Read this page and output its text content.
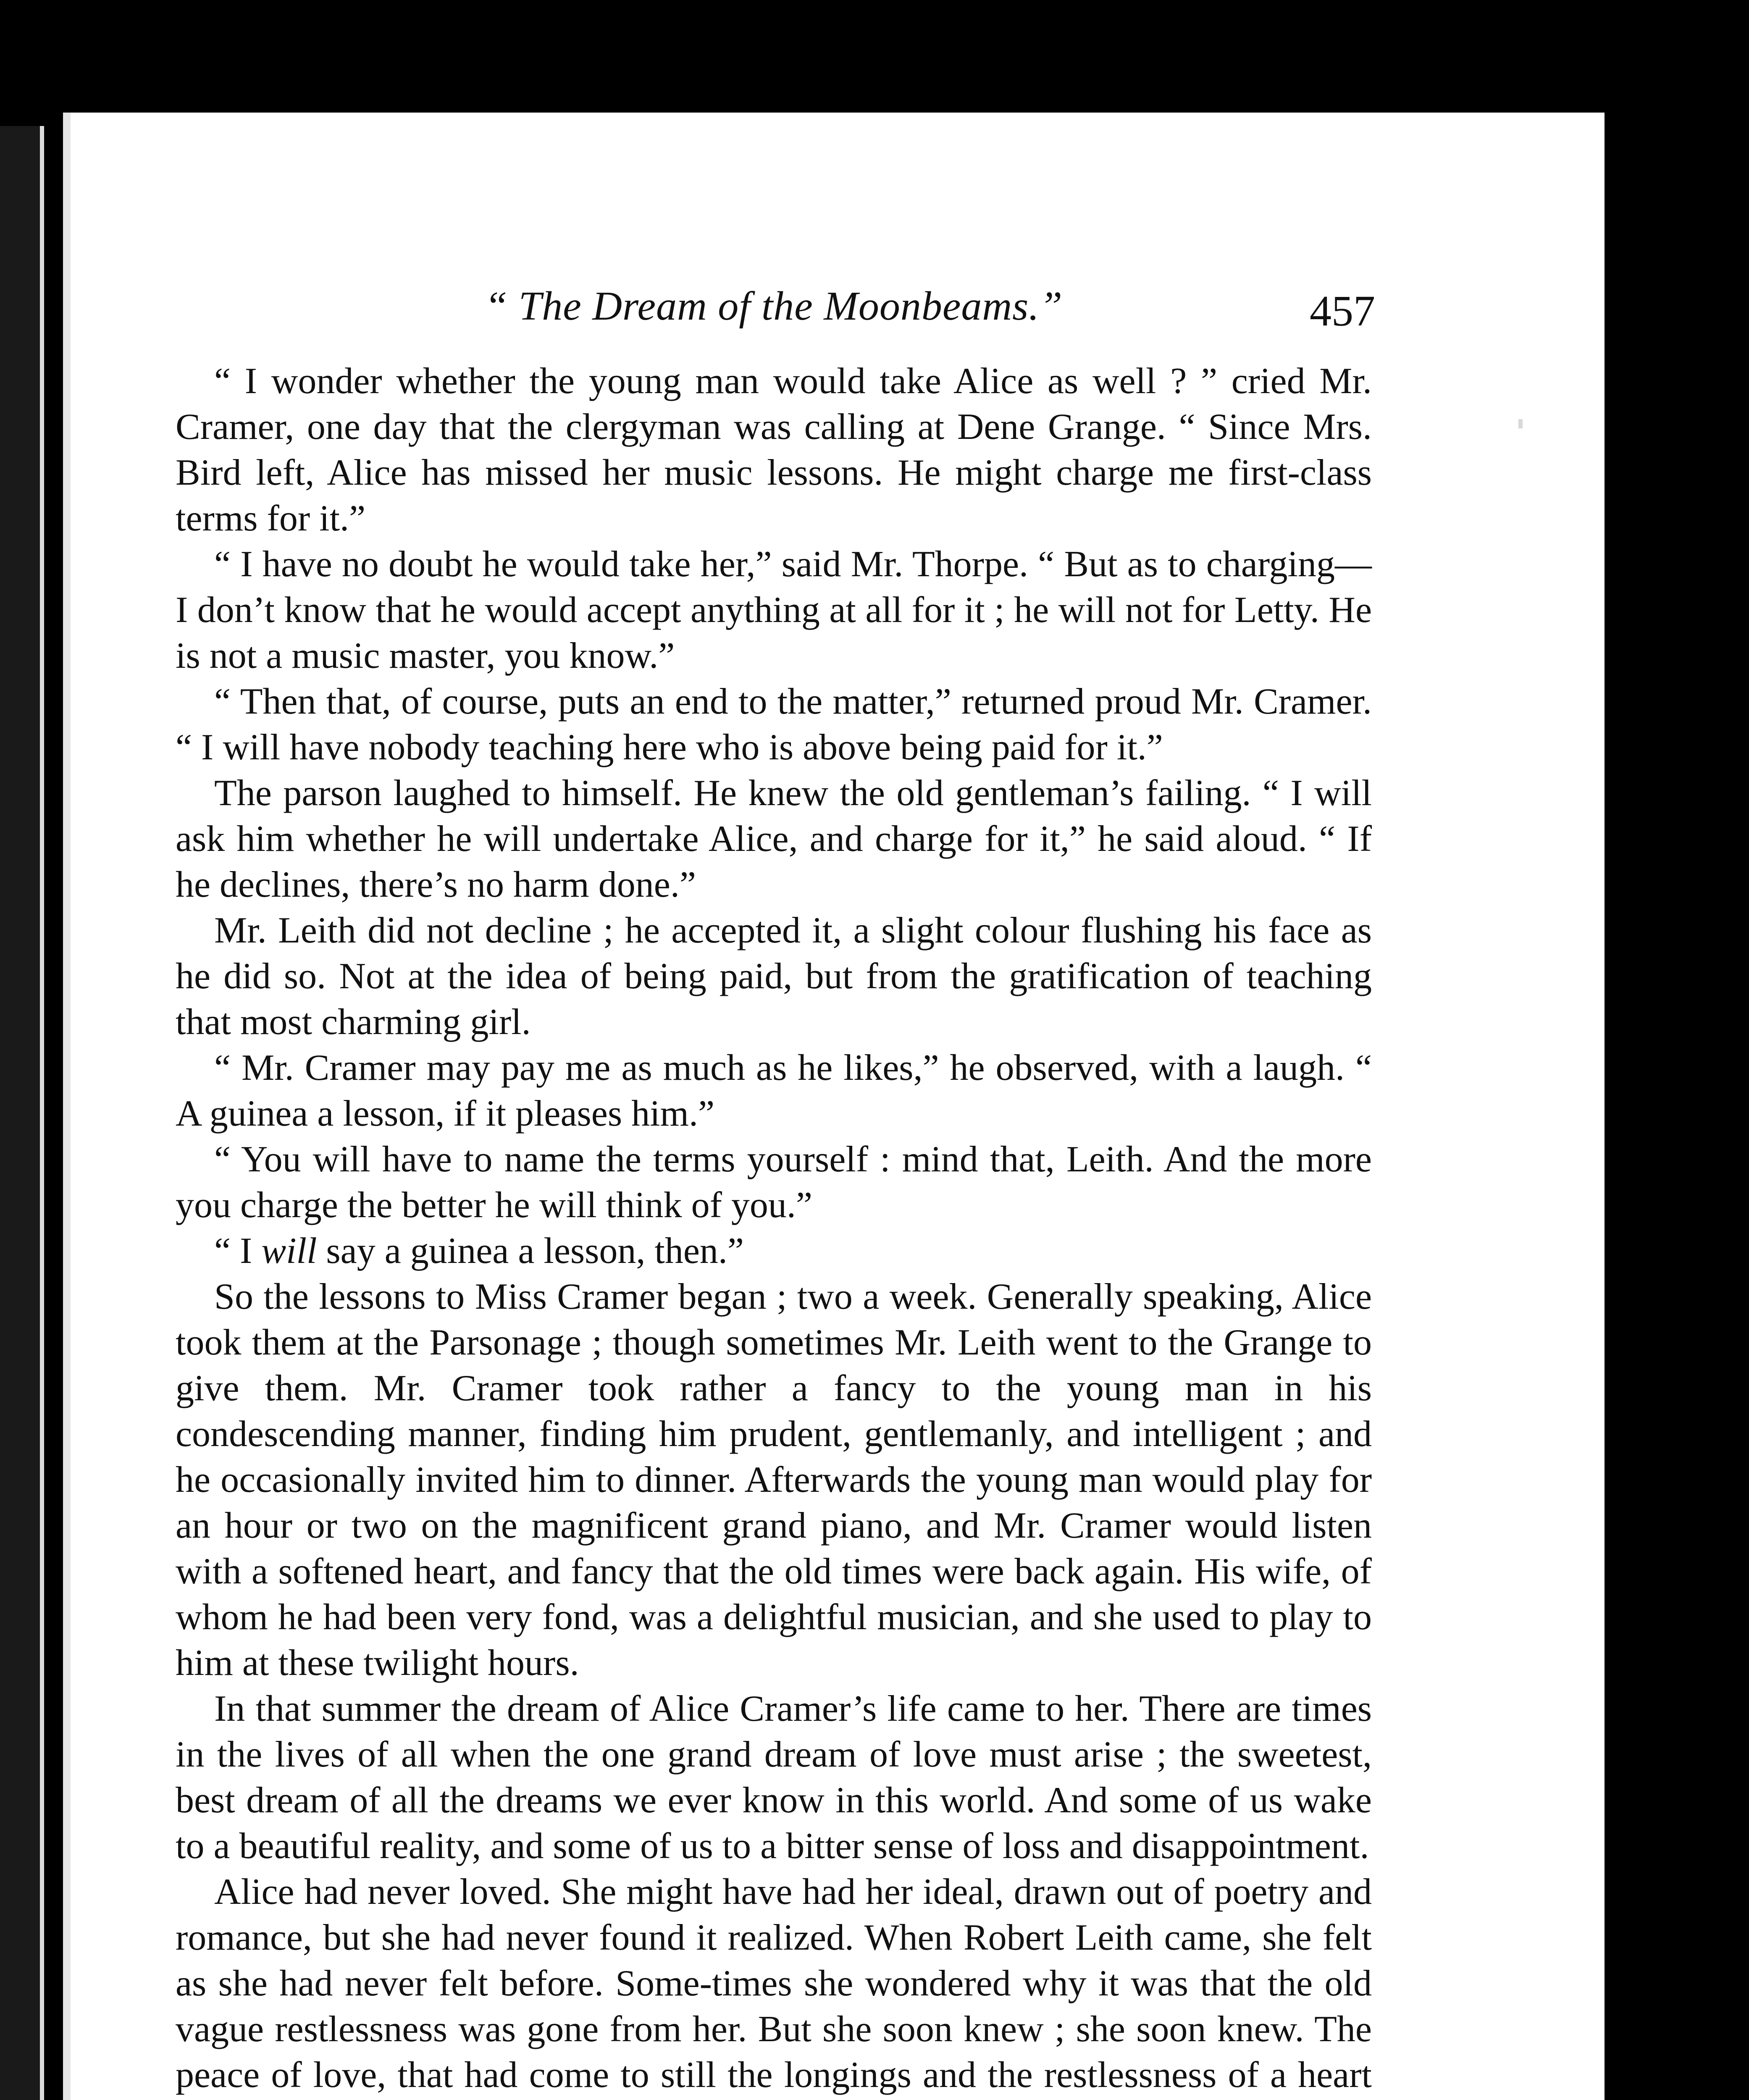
“ The Dream of the Moonbeams.”	457

“ I wonder whether the young man would take Alice as well ? ” cried Mr. Cramer, one day that the clergyman was calling at Dene Grange. “ Since Mrs. Bird left, Alice has missed her music lessons. He might charge me first-class terms for it.”

“ I have no doubt he would take her,” said Mr. Thorpe. “ But as to charging—I don’t know that he would accept anything at all for it ; he will not for Letty. He is not a music master, you know.”

“ Then that, of course, puts an end to the matter,” returned proud Mr. Cramer. “ I will have nobody teaching here who is above being paid for it.”

The parson laughed to himself. He knew the old gentleman’s failing. “ I will ask him whether he will undertake Alice, and charge for it,” he said aloud. “ If he declines, there’s no harm done.”

Mr. Leith did not decline ; he accepted it, a slight colour flushing his face as he did so. Not at the idea of being paid, but from the gratification of teaching that most charming girl.

“ Mr. Cramer may pay me as much as he likes,” he observed, with a laugh. “ A guinea a lesson, if it pleases him.”

“ You will have to name the terms yourself : mind that, Leith. And the more you charge the better he will think of you.”

“ I will say a guinea a lesson, then.”

So the lessons to Miss Cramer began ; two a week. Generally speaking, Alice took them at the Parsonage ; though sometimes Mr. Leith went to the Grange to give them. Mr. Cramer took rather a fancy to the young man in his condescending manner, finding him prudent, gentlemanly, and intelligent ; and he occasionally invited him to dinner. Afterwards the young man would play for an hour or two on the magnificent grand piano, and Mr. Cramer would listen with a softened heart, and fancy that the old times were back again. His wife, of whom he had been very fond, was a delightful musician, and she used to play to him at these twilight hours.

In that summer the dream of Alice Cramer’s life came to her. There are times in the lives of all when the one grand dream of love must arise ; the sweetest, best dream of all the dreams we ever know in this world. And some of us wake to a beautiful reality, and some of us to a bitter sense of loss and disappointment.

Alice had never loved. She might have had her ideal, drawn out of poetry and romance, but she had never found it realized. When Robert Leith came, she felt as she had never felt before. Some-times she wondered why it was that the old vague restlessness was gone from her. But she soon knew ; she soon knew. The peace of love, that had come to still the longings and the restlessness of a heart
